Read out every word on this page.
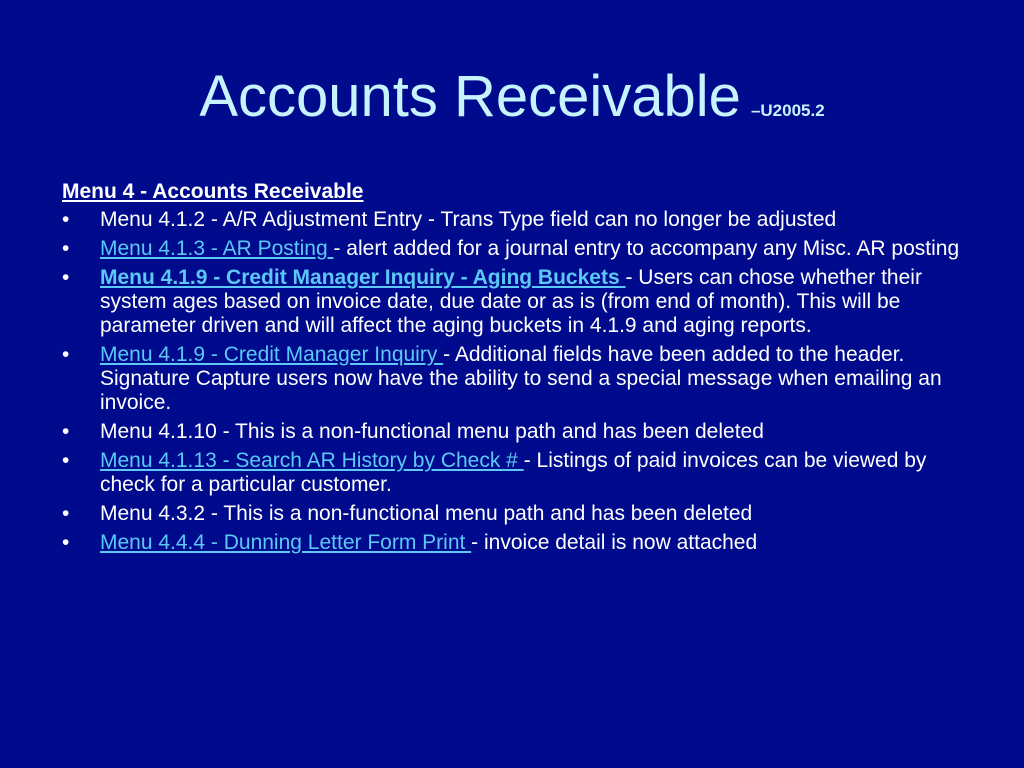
Accounts Receivable –U2005.2
Menu 4 - Accounts Receivable
• Menu 4.1.2 - A/R Adjustment Entry - Trans Type field can no longer be adjusted
• Menu 4.1.3 - AR Posting - alert added for a journal entry to accompany any Misc. AR posting
• Menu 4.1.9 - Credit Manager Inquiry - Aging Buckets - Users can chose whether their system ages based on invoice date, due date or as is (from end of month). This will be parameter driven and will affect the aging buckets in 4.1.9 and aging reports.
• Menu 4.1.9 - Credit Manager Inquiry - Additional fields have been added to the header. Signature Capture users now have the ability to send a special message when emailing an invoice.
• Menu 4.1.10 - This is a non-functional menu path and has been deleted
• Menu 4.1.13 - Search AR History by Check # - Listings of paid invoices can be viewed by check for a particular customer.
• Menu 4.3.2 - This is a non-functional menu path and has been deleted
• Menu 4.4.4 - Dunning Letter Form Print - invoice detail is now attached
